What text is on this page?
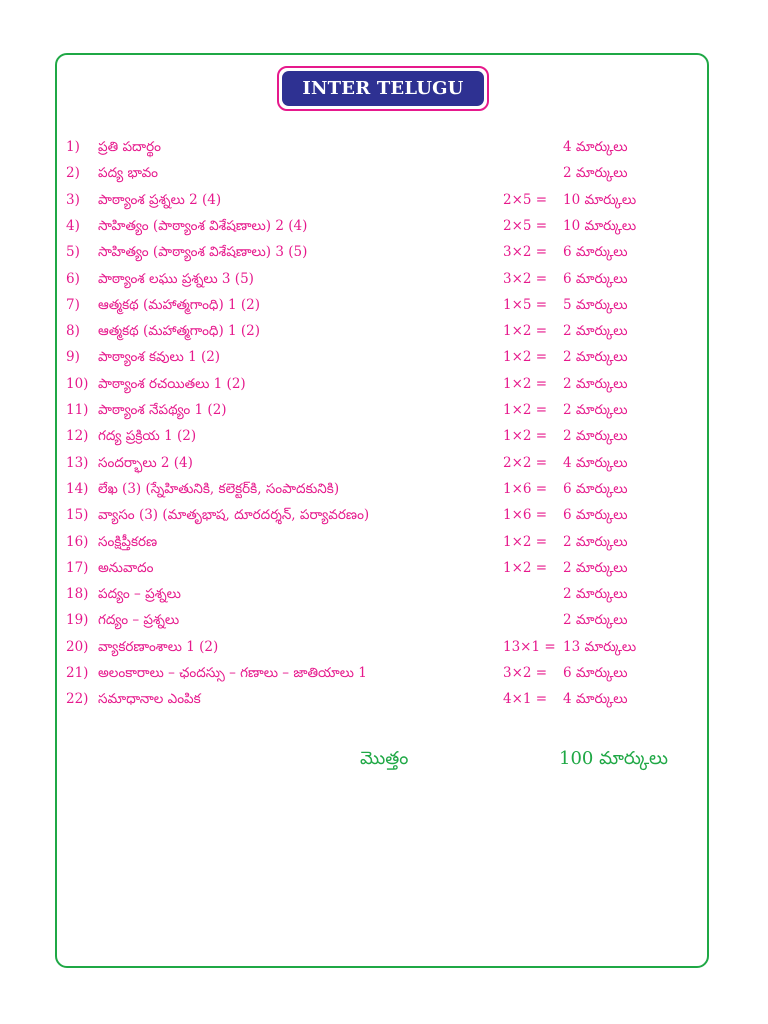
INTER TELUGU
1) ప్రతి పదార్థం	4 మార్కులు
2) పద్య భావం	2 మార్కులు
3) పాఠ్యాంశ ప్రశ్నలు 2 (4)	2×5 =	10 మార్కులు
4) సాహిత్యం (పాఠ్యాంశ విశేషణాలు) 2 (4)	2×5 =	10 మార్కులు
5) సాహిత్యం (పాఠ్యాంశ విశేషణాలు) 3 (5)	3×2 =	6 మార్కులు
6) పాఠ్యాంశ లఘు ప్రశ్నలు 3 (5)	3×2 =	6 మార్కులు
7) ఆత్మకథ (మహాత్మగాంధి) 1 (2)	1×5 =	5 మార్కులు
8) ఆత్మకథ (మహాత్మగాంధి) 1 (2)	1×2 =	2 మార్కులు
9) పాఠ్యాంశ కవులు 1 (2)	1×2 =	2 మార్కులు
10) పాఠ్యాంశ రచయితలు 1 (2)	1×2 =	2 మార్కులు
11) పాఠ్యాంశ నేపథ్యం 1 (2)	1×2 =	2 మార్కులు
12) గద్య ప్రక్రియ 1 (2)	1×2 =	2 మార్కులు
13) సందర్భాలు 2 (4)	2×2 =	4 మార్కులు
14) లేఖ (3) (స్నేహితునికి, కలెక్టర్‌కి, సంపాదకునికి)	1×6 =	6 మార్కులు
15) వ్యాసం (3) (మాతృభాష, దూరదర్శన్, పర్యావరణం)	1×6 =	6 మార్కులు
16) సంక్షిప్తీకరణ	1×2 =	2 మార్కులు
17) అనువాదం	1×2 =	2 మార్కులు
18) పద్యం – ప్రశ్నలు	2 మార్కులు
19) గద్యం – ప్రశ్నలు	2 మార్కులు
20) వ్యాకరణాంశాలు 1 (2)	13×1 = 13 మార్కులు
21) అలంకారాలు – ఛందస్సు – గణాలు – జాతియాలు 1	3×2 =	6 మార్కులు
22) సమాధానాల ఎంపిక	4×1 =	4 మార్కులు
మొత్తం	100 మార్కులు
